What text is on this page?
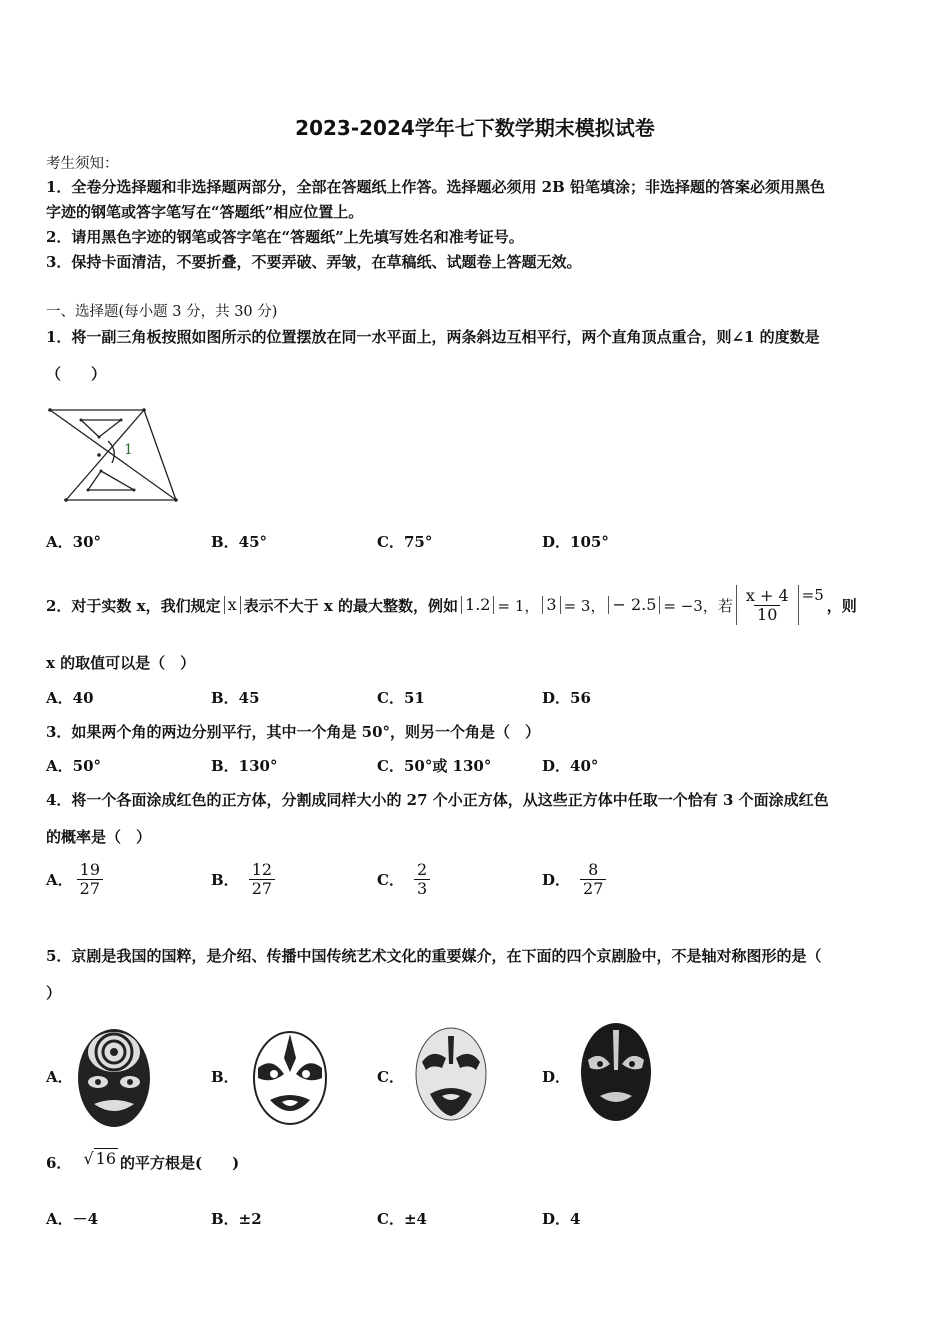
2023-2024学年七下数学期末模拟试卷
考生须知：
1．全卷分选择题和非选择题两部分，全部在答题纸上作答。选择题必须用 2B 铅笔填涂；非选择题的答案必须用黑色
字迹的钢笔或答字笔写在“答题纸”相应位置上。
2．请用黑色字迹的钢笔或答字笔在“答题纸”上先填写姓名和准考证号。
3．保持卡面清洁，不要折叠，不要弄破、弄皱，在草稿纸、试题卷上答题无效。
一、选择题(每小题 3 分，共 30 分)
1．将一副三角板按照如图所示的位置摆放在同一水平面上，两条斜边互相平行，两个直角顶点重合，则∠1 的度数是
（　　）
1
A．30°	B．45°	C．75°	D．105°
2．对于实数 x，我们规定 x 表示不大于 x 的最大整数，例如 1.2 = 1， 3 = 3， − 2.5 = −3，若 $\frac{x + 4}{10} =5$
，则
x 的取值可以是（　）
A．40	B．45	C．51	D．56
3．如果两个角的两边分别平行，其中一个角是 50°，则另一个角是（　）
A．50°	B．130°	C．50°或 130°	D．40°
4．将一个各面涂成红色的正方体，分割成同样大小的 27 个小正方体，从这些正方体中任取一个恰有 3 个面涂成红色
的概率是（　）
A． $\frac{19}{27}$	B． $\frac{12}{27}$	C． $\frac{2}{3}$	D． $\frac{8}{27}$
5．京剧是我国的国粹，是介绍、传播中国传统艺术文化的重要媒介，在下面的四个京剧脸中，不是轴对称图形的是（
）
A．	B．	C．	D．
6． √ 16 的平方根是(　　)
A．－4	B．±2	C．±4	D．4
